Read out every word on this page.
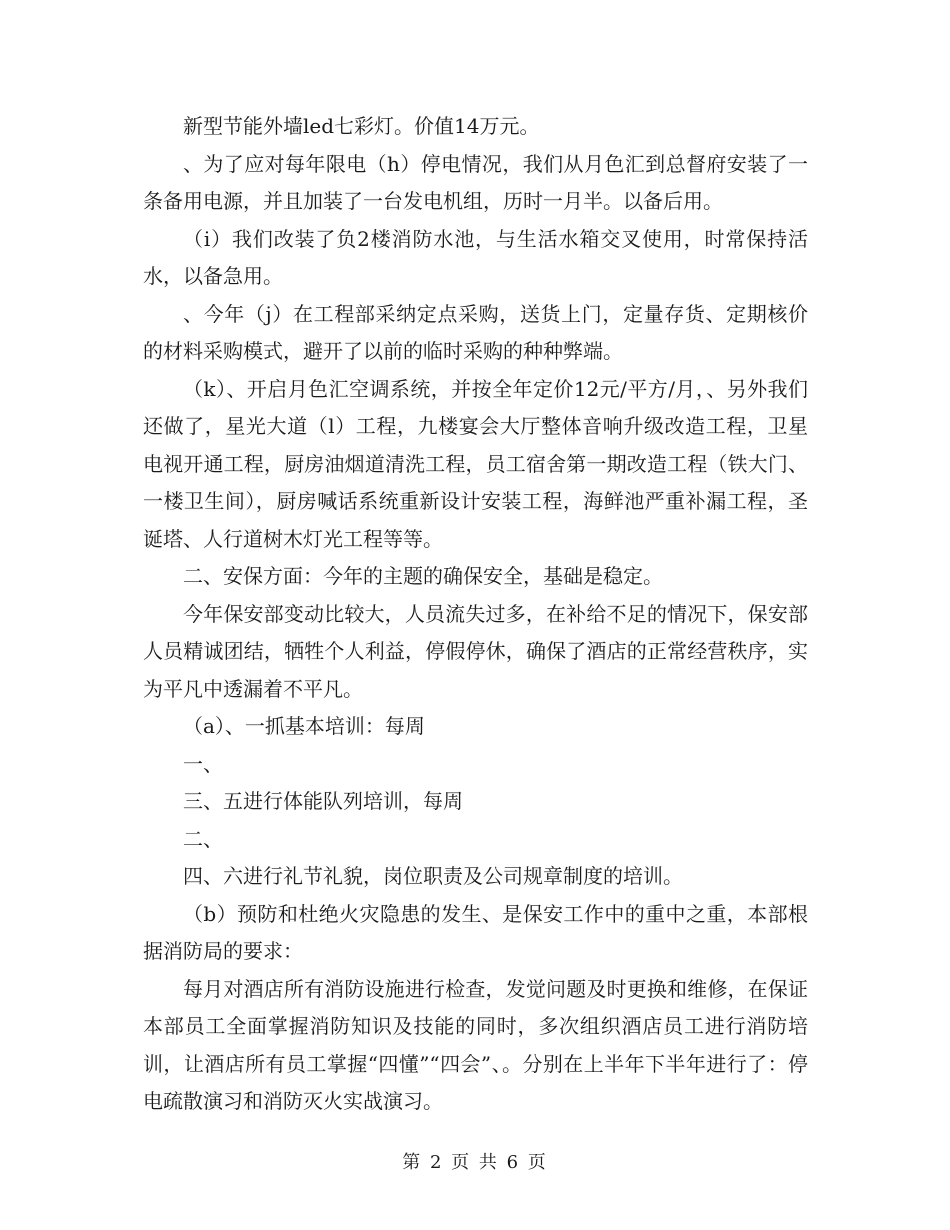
新型节能外墙led七彩灯。价值14万元。

、为了应对每年限电（h）停电情况，我们从月色汇到总督府安装了一条备用电源，并且加装了一台发电机组，历时一月半。以备后用。

（i）我们改装了负2楼消防水池，与生活水箱交叉使用，时常保持活水，以备急用。

、今年（j）在工程部采纳定点采购，送货上门，定量存货、定期核价的材料采购模式，避开了以前的临时采购的种种弊端。

（k）、开启月色汇空调系统，并按全年定价12元/平方/月，、另外我们还做了，星光大道（l）工程，九楼宴会大厅整体音响升级改造工程，卫星电视开通工程，厨房油烟道清洗工程，员工宿舍第一期改造工程（铁大门、一楼卫生间），厨房喊话系统重新设计安装工程，海鲜池严重补漏工程，圣诞塔、人行道树木灯光工程等等。

二、安保方面：今年的主题的确保安全，基础是稳定。

今年保安部变动比较大，人员流失过多，在补给不足的情况下，保安部人员精诚团结，牺牲个人利益，停假停休，确保了酒店的正常经营秩序，实为平凡中透漏着不平凡。

（a）、一抓基本培训：每周

一、

三、五进行体能队列培训，每周

二、

四、六进行礼节礼貌，岗位职责及公司规章制度的培训。

（b）预防和杜绝火灾隐患的发生、是保安工作中的重中之重，本部根据消防局的要求：

每月对酒店所有消防设施进行检查，发觉问题及时更换和维修，在保证本部员工全面掌握消防知识及技能的同时，多次组织酒店员工进行消防培训，让酒店所有员工掌握“四懂”“四会”、。分别在上半年下半年进行了：停电疏散演习和消防灭火实战演习。

第 2 页 共 6 页
